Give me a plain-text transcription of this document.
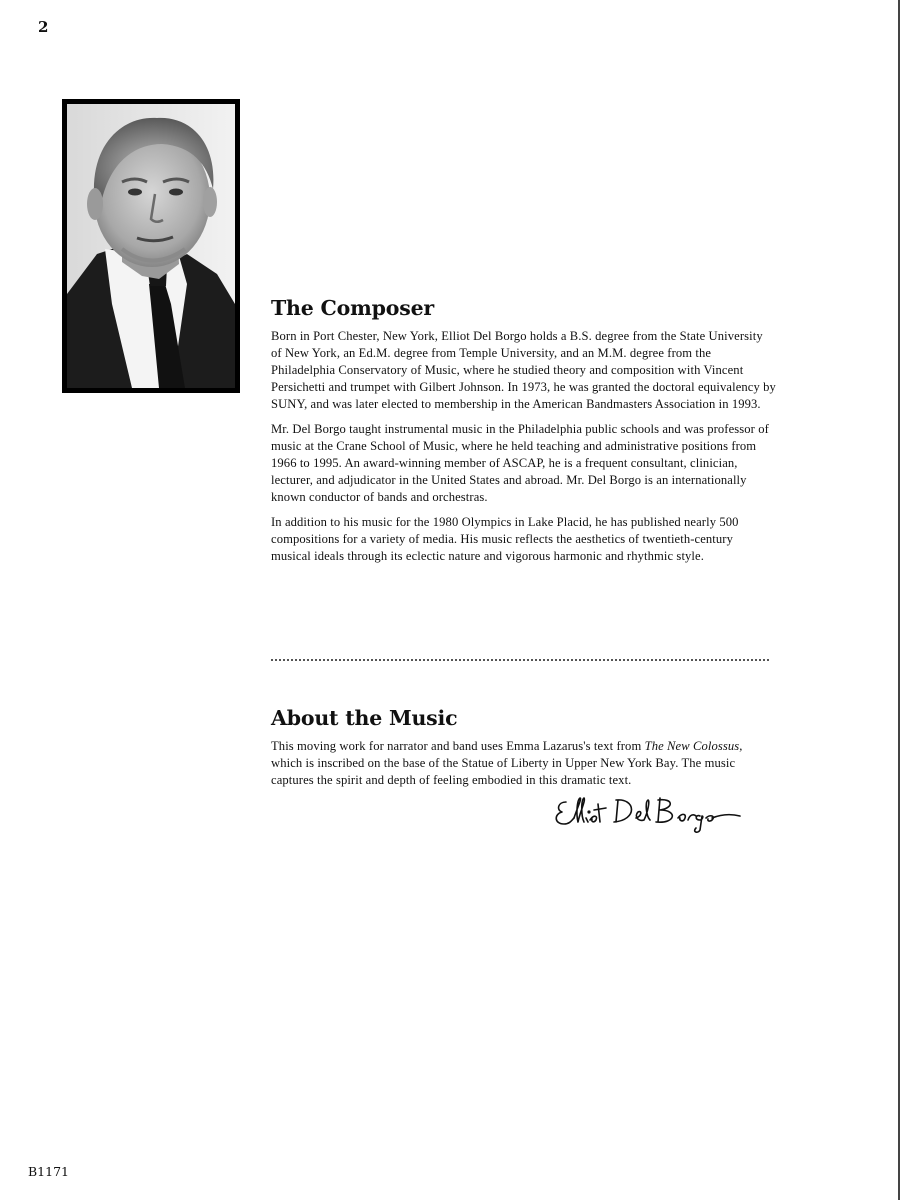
2
The Composer

Born in Port Chester, New York, Elliot Del Borgo holds a B.S. degree from the State University of New York, an Ed.M. degree from Temple University, and an M.M. degree from the Philadelphia Conservatory of Music, where he studied theory and composition with Vincent Persichetti and trumpet with Gilbert Johnson. In 1973, he was granted the doctoral equivalency by SUNY, and was later elected to membership in the American Bandmasters Association in 1993.

Mr. Del Borgo taught instrumental music in the Philadelphia public schools and was professor of music at the Crane School of Music, where he held teaching and administrative positions from 1966 to 1995. An award-winning member of ASCAP, he is a frequent consultant, clinician, lecturer, and adjudicator in the United States and abroad. Mr. Del Borgo is an internationally known conductor of bands and orchestras.

In addition to his music for the 1980 Olympics in Lake Placid, he has published nearly 500 compositions for a variety of media. His music reflects the aesthetics of twentieth-century musical ideals through its eclectic nature and vigorous harmonic and rhythmic style.

About the Music

This moving work for narrator and band uses Emma Lazarus's text from The New Colossus, which is inscribed on the base of the Statue of Liberty in Upper New York Bay. The music captures the spirit and depth of feeling embodied in this dramatic text.

B1171
